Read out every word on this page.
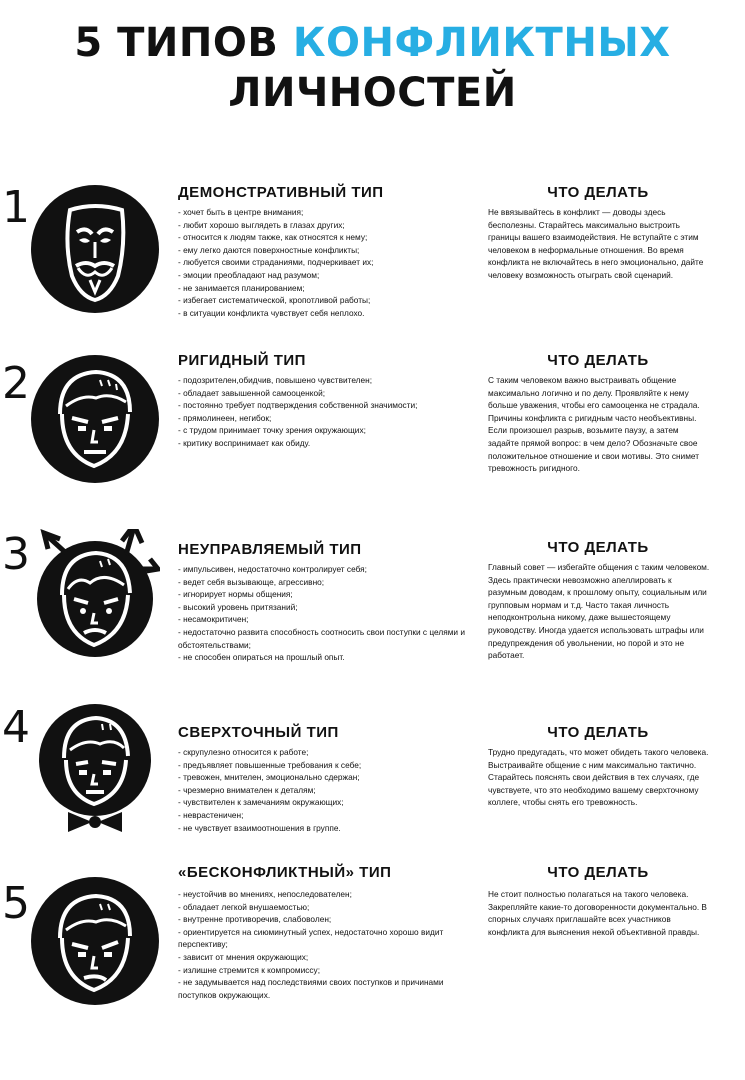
5 ТИПОВ КОНФЛИКТНЫХ
ЛИЧНОСТЕЙ
1	ДЕМОНСТРАТИВНЫЙ ТИП
- хочет быть в центре внимания;
- любит хорошо выглядеть в глазах других;
- относится к людям также, как относятся к нему;
- ему легко даются поверхностные конфликты;
- любуется своими страданиями, подчеркивает их;
- эмоции преобладают над разумом;
- не занимается планированием;
- избегает систематической, кропотливой работы;
- в ситуации конфликта чувствует себя неплохо.
ЧТО ДЕЛАТЬ

Не ввязывайтесь в конфликт — доводы здесь бесполезны. Старайтесь максимально выстроить границы вашего взаимодействия. Не вступайте с этим человеком в неформальные отношения. Во время конфликта не включайтесь в него эмоционально, дайте человеку возможность отыграть свой сценарий.

2	РИГИДНЫЙ ТИП
- подозрителен,обидчив, повышено чувствителен;
- обладает завышенной самооценкой;
- постоянно требует подтверждения собственной значимости;
- прямолинеен, негибок;
- с трудом принимает точку зрения окружающих;
- критику воспринимает как обиду.
ЧТО ДЕЛАТЬ

С таким человеком важно выстраивать общение максимально логично и по делу. Проявляйте к нему больше уважения, чтобы его самооценка не страдала. Причины конфликта с ригидным часто необъективны. Если произошел разрыв, возьмите паузу, а затем задайте прямой вопрос: в чем дело? Обозначьте свое положительное отношение и свои мотивы. Это снимет тревожность ригидного.

3	НЕУПРАВЛЯЕМЫЙ ТИП
- импульсивен, недостаточно контролирует себя;
- ведет себя вызывающе, агрессивно;
- игнорирует нормы общения;
- высокий уровень притязаний;
- несамокритичен;
- недостаточно развита способность соотносить свои поступки с целями и обстоятельствами;
- не способен опираться на прошлый опыт.
ЧТО ДЕЛАТЬ

Главный совет — избегайте общения с таким человеком. Здесь практически невозможно апеллировать к разумным доводам, к прошлому опыту, социальным или групповым нормам и т.д. Часто такая личность неподконтрольна никому, даже вышестоящему руководству. Иногда удается использовать штрафы или предупреждения об увольнении, но порой и это не работает.

4	СВЕРХТОЧНЫЙ ТИП
- скрупулезно относится к работе;
- предъявляет повышенные требования к себе;
- тревожен, мнителен, эмоционально сдержан;
- чрезмерно внимателен к деталям;
- чувствителен к замечаниям окружающих;
- неврастеничен;
- не чувствует взаимоотношения в группе.
ЧТО ДЕЛАТЬ

Трудно предугадать, что может обидеть такого человека. Выстраивайте общение с ним максимально тактично. Старайтесь пояснять свои действия в тех случаях, где чувствуете, что это необходимо вашему сверхточному коллеге, чтобы снять его тревожность.

5
«БЕСКОНФЛИКТНЫЙ» ТИП
- неустойчив во мнениях, непоследователен;
- обладает легкой внушаемостью;
- внутренне противоречив, слабоволен;
- ориентируется на сиюминутный успех, недостаточно хорошо видит перспективу;
- зависит от мнения окружающих;
- излишне стремится к компромиссу;
- не задумывается над последствиями своих поступков и причинами поступков окружающих.
ЧТО ДЕЛАТЬ

Не стоит полностью полагаться на такого человека. Закрепляйте какие-то договоренности документально. В спорных случаях приглашайте всех участников конфликта для выяснения некой объективной правды.
